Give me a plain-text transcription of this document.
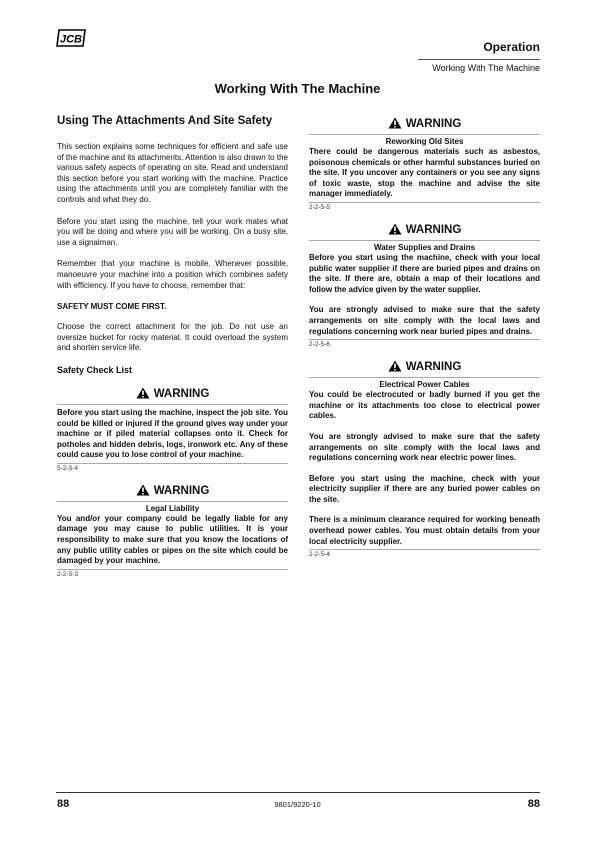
JCB
Operation
Working With The Machine
Working With The Machine
Using The Attachments And Site Safety

This section explains some techniques for efficient and safe use of the machine and its attachments. Attention is also drawn to the various safety aspects of operating on site. Read and understand this section before you start working with the machine. Practice using the attachments until you are completely familiar with the controls and what they do.

Before you start using the machine, tell your work mates what you will be doing and where you will be working. On a busy site, use a signalman.

Remember that your machine is mobile. Whenever possible, manoeuvre your machine into a position which combines safety with efficiency. If you have to choose, remember that:

SAFETY MUST COME FIRST.

Choose the correct attachment for the job. Do not use an oversize bucket for rocky material. It could overload the system and shorten service life.

Safety Check List
WARNING

Before you start using the machine, inspect the job site. You could be killed or injured if the ground gives way under your machine or if piled material collapses onto it. Check for potholes and hidden debris, logs, ironwork etc. Any of these could cause you to lose control of your machine.

5-2-3-4
WARNING
Legal Liability

You and/or your company could be legally liable for any damage you may cause to public utilities. It is your responsibility to make sure that you know the locations of any public utility cables or pipes on the site which could be damaged by your machine.

2-2-5-3
WARNING
Reworking Old Sites

There could be dangerous materials such as asbestos, poisonous chemicals or other harmful substances buried on the site. If you uncover any containers or you see any signs of toxic waste, stop the machine and advise the site manager immediately.

2-2-5-5
WARNING
Water Supplies and Drains

Before you start using the machine, check with your local public water supplier if there are buried pipes and drains on the site. If there are, obtain a map of their locations and follow the advice given by the water supplier.

You are strongly advised to make sure that the safety arrangements on site comply with the local laws and regulations concerning work near buried pipes and drains.

2-2-5-6
WARNING
Electrical Power Cables

You could be electrocuted or badly burned if you get the machine or its attachments too close to electrical power cables.

You are strongly advised to make sure that the safety arrangements on site comply with the local laws and regulations concerning work near electric power lines.

Before you start using the machine, check with your electricity supplier if there are any buried power cables on the site.

There is a minimum clearance required for working beneath overhead power cables. You must obtain details from your local electricity supplier.

2-2-5-4
88	9801/9220-10	88
